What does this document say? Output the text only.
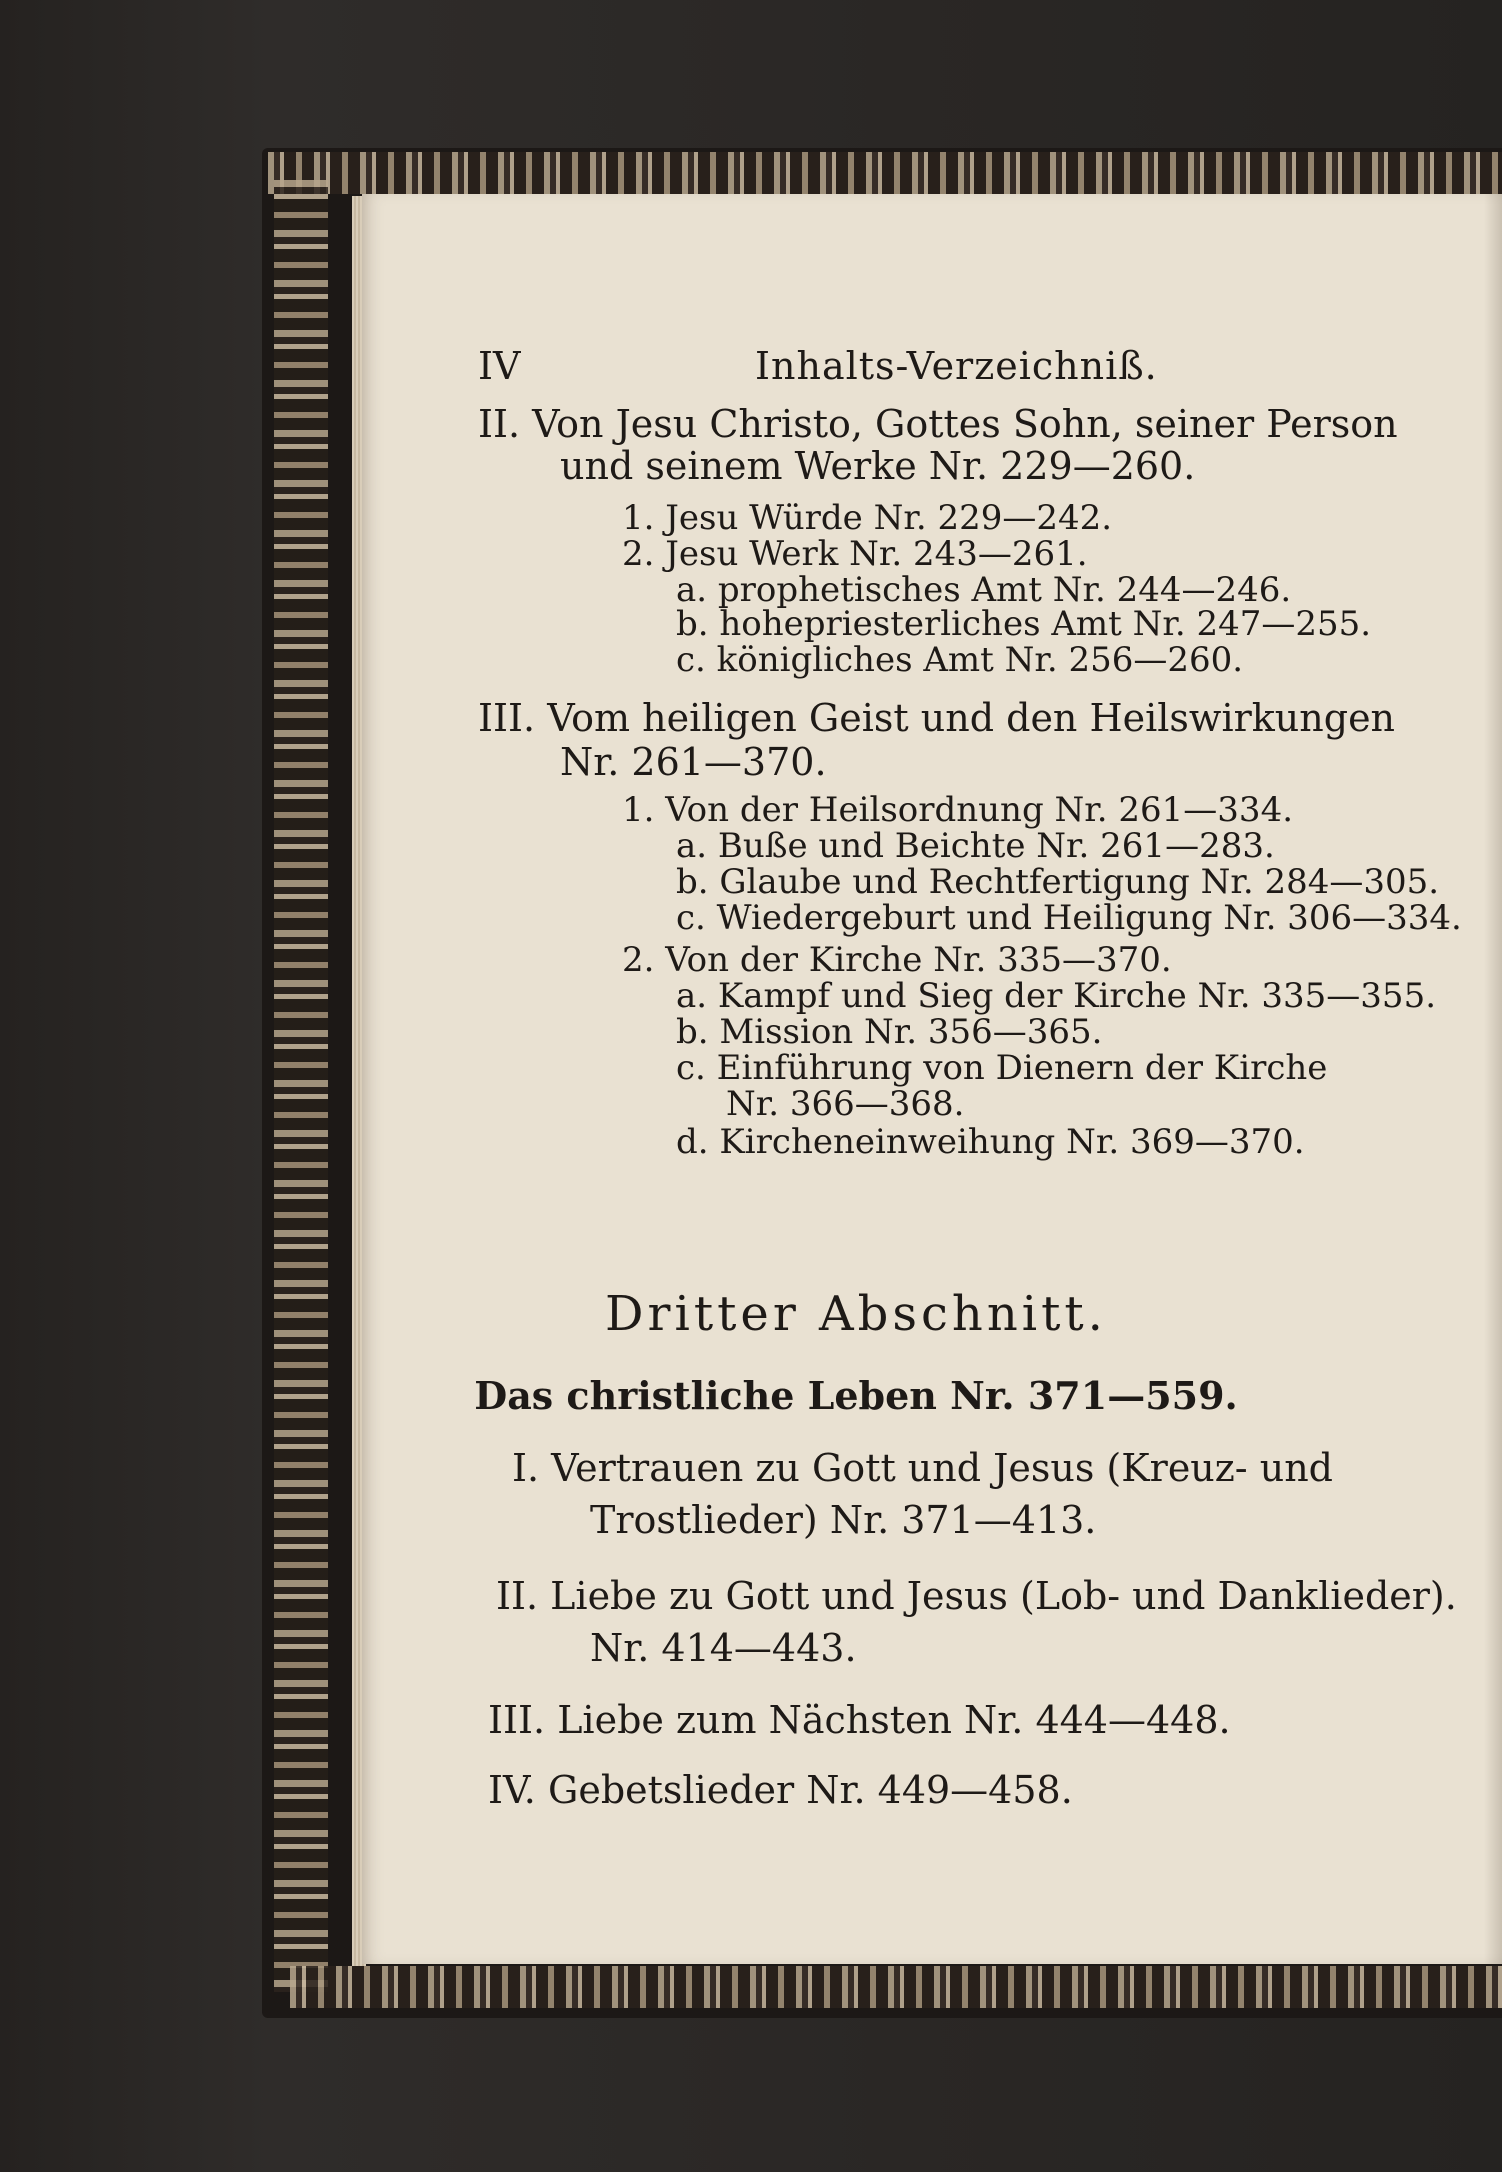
IV	Inhalts-Verzeichniß.
II. Von Jesu Christo, Gottes Sohn, seiner Person
und seinem Werke Nr. 229—260.
1. Jesu Würde Nr. 229—242.
2. Jesu Werk Nr. 243—261.
a. prophetisches Amt Nr. 244—246.
b. hohepriesterliches Amt Nr. 247—255.
c. königliches Amt Nr. 256—260.
III. Vom heiligen Geist und den Heilswirkungen
Nr. 261—370.
1. Von der Heilsordnung Nr. 261—334.
a. Buße und Beichte Nr. 261—283.
b. Glaube und Rechtfertigung Nr. 284—305.
c. Wiedergeburt und Heiligung Nr. 306—334.
2. Von der Kirche Nr. 335—370.
a. Kampf und Sieg der Kirche Nr. 335—355.
b. Mission Nr. 356—365.
c. Einführung von Dienern der Kirche
Nr. 366—368.
d. Kircheneinweihung Nr. 369—370.
Dritter Abschnitt.
Das christliche Leben Nr. 371—559.
I. Vertrauen zu Gott und Jesus (Kreuz- und
Trostlieder) Nr. 371—413.
II. Liebe zu Gott und Jesus (Lob- und Danklieder).
Nr. 414—443.
III. Liebe zum Nächsten Nr. 444—448.
IV. Gebetslieder Nr. 449—458.
